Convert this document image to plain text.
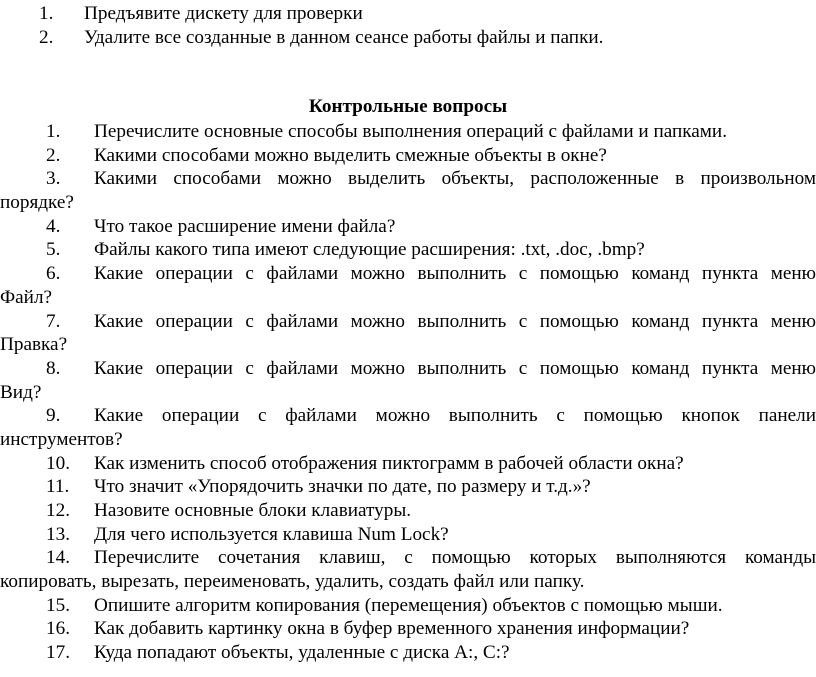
1. Предъявите дискету для проверки
2. Удалите все созданные в данном сеансе работы файлы и папки.
Контрольные вопросы
1. Перечислите основные способы выполнения операций с файлами и папками.
2. Какими способами можно выделить смежные объекты в окне?
3. Какими способами можно выделить объекты, расположенные в произвольном
порядке?
4. Что такое расширение имени файла?
5. Файлы какого типа имеют следующие расширения: .txt, .doc, .bmp?
6. Какие операции с файлами можно выполнить с помощью команд пункта меню
Файл?
7. Какие операции с файлами можно выполнить с помощью команд пункта меню
Правка?
8. Какие операции с файлами можно выполнить с помощью команд пункта меню
Вид?
9. Какие операции с файлами можно выполнить с помощью кнопок панели
инструментов?
10. Как изменить способ отображения пиктограмм в рабочей области окна?
11. Что значит «Упорядочить значки по дате, по размеру и т.д.»?
12. Назовите основные блоки клавиатуры.
13. Для чего используется клавиша Num Lock?
14. Перечислите сочетания клавиш, с помощью которых выполняются команды
копировать, вырезать, переименовать, удалить, создать файл или папку.
15. Опишите алгоритм копирования (перемещения) объектов с помощью мыши.
16. Как добавить картинку окна в буфер временного хранения информации?
17. Куда попадают объекты, удаленные с диска А:, С:?
